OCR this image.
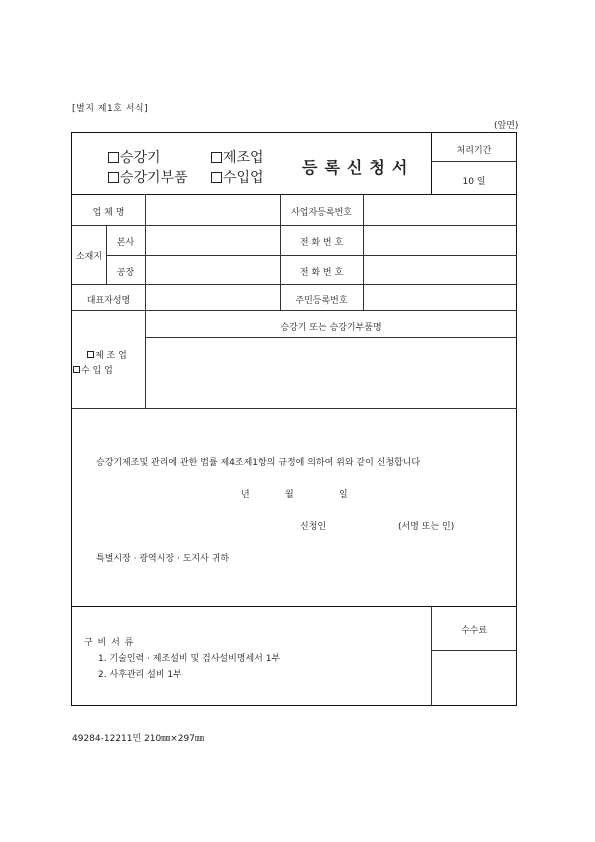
[별지 제1호 서식]
(앞면)
승강기	제조업
승강기부품	수입업
등록신청서
처리기간
10 일
업 체 명	사업자등록번호
소재지
본사	전 화 번 호
공장	전 화 번 호
대표자성명	주민등록번호
제 조 업
수 입 업
승강기 또는 승강기부품명
승강기제조및 관리에 관한 법률 제4조제1항의 규정에 의하여 위와 같이 신청합니다
년	월	일
신청인	(서명 또는 인)
특별시장 · 광역시장 · 도지사 귀하
구 비 서 류
1. 기술인력 · 제조설비 및 검사설비명세서 1부
2. 사후관리 설비 1부
수수료
49284-12211민 210㎜×297㎜
